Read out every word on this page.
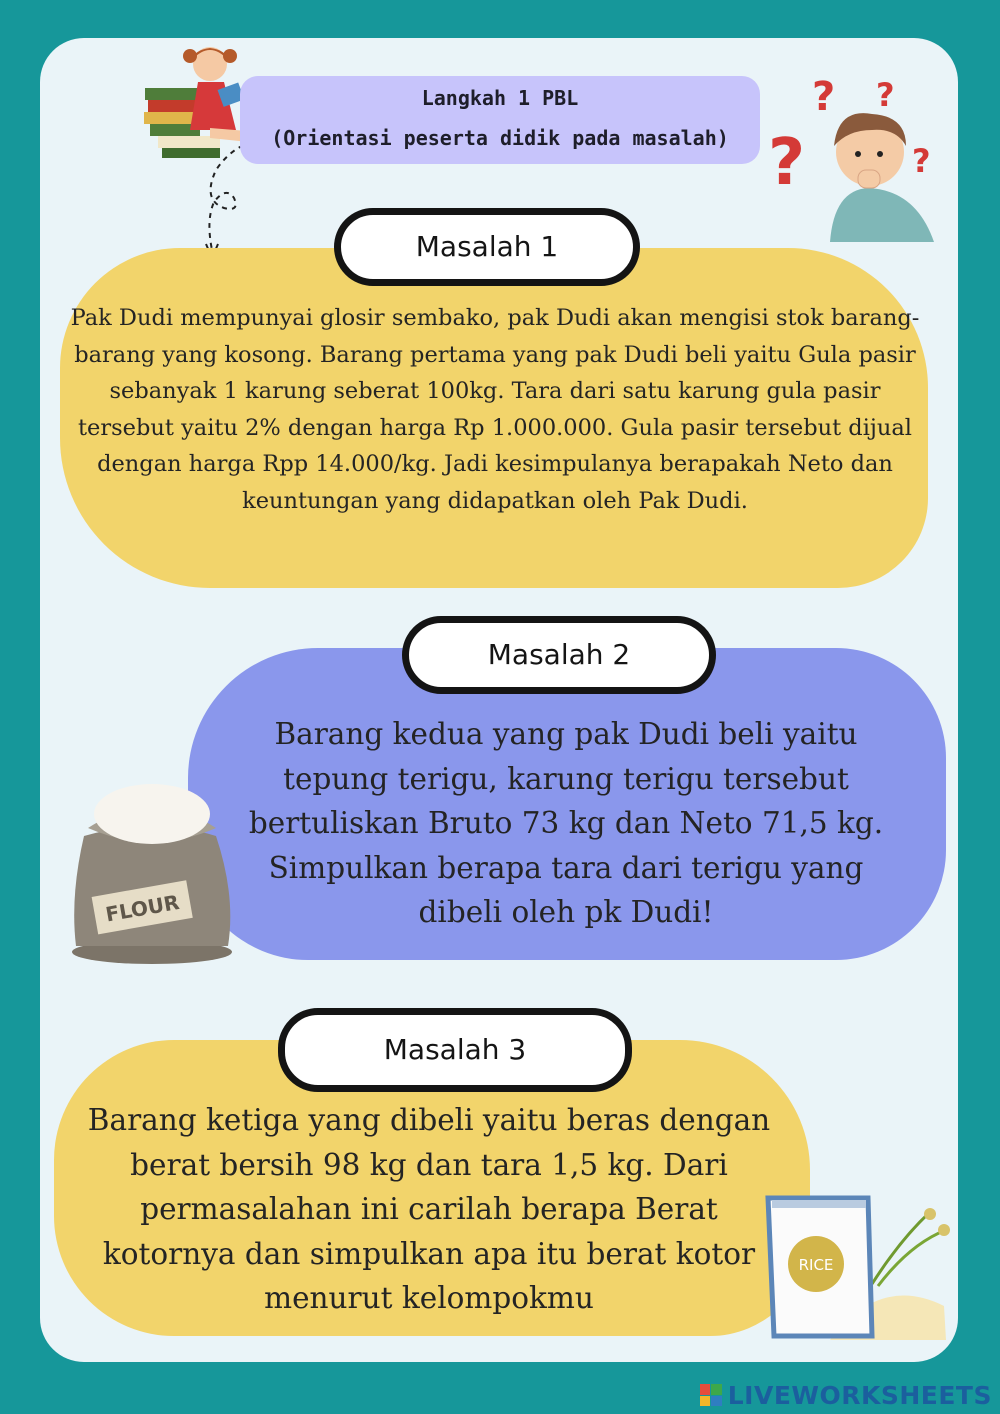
? ?
?	?
Langkah 1 PBL
(Orientasi peserta didik pada masalah)
Masalah 1

Pak Dudi mempunyai glosir sembako, pak Dudi akan mengisi stok barang-barang yang kosong. Barang pertama yang pak Dudi beli yaitu Gula pasir sebanyak 1 karung seberat 100kg. Tara dari satu karung gula pasir tersebut yaitu 2% dengan harga Rp 1.000.000. Gula pasir tersebut dijual dengan harga Rpp 14.000/kg. Jadi kesimpulanya berapakah Neto dan keuntungan yang didapatkan oleh Pak Dudi.

Masalah 2

Barang kedua yang pak Dudi beli yaitu tepung terigu, karung terigu tersebut bertuliskan Bruto 73 kg dan Neto 71,5 kg. Simpulkan berapa tara dari terigu yang dibeli oleh pk Dudi!

FLOUR
Masalah 3

Barang ketiga yang dibeli yaitu beras dengan berat bersih 98 kg dan tara 1,5 kg. Dari permasalahan ini carilah berapa Berat kotornya dan simpulkan apa itu berat kotor menurut kelompokmu

RICE
LIVEWORKSHEETS
